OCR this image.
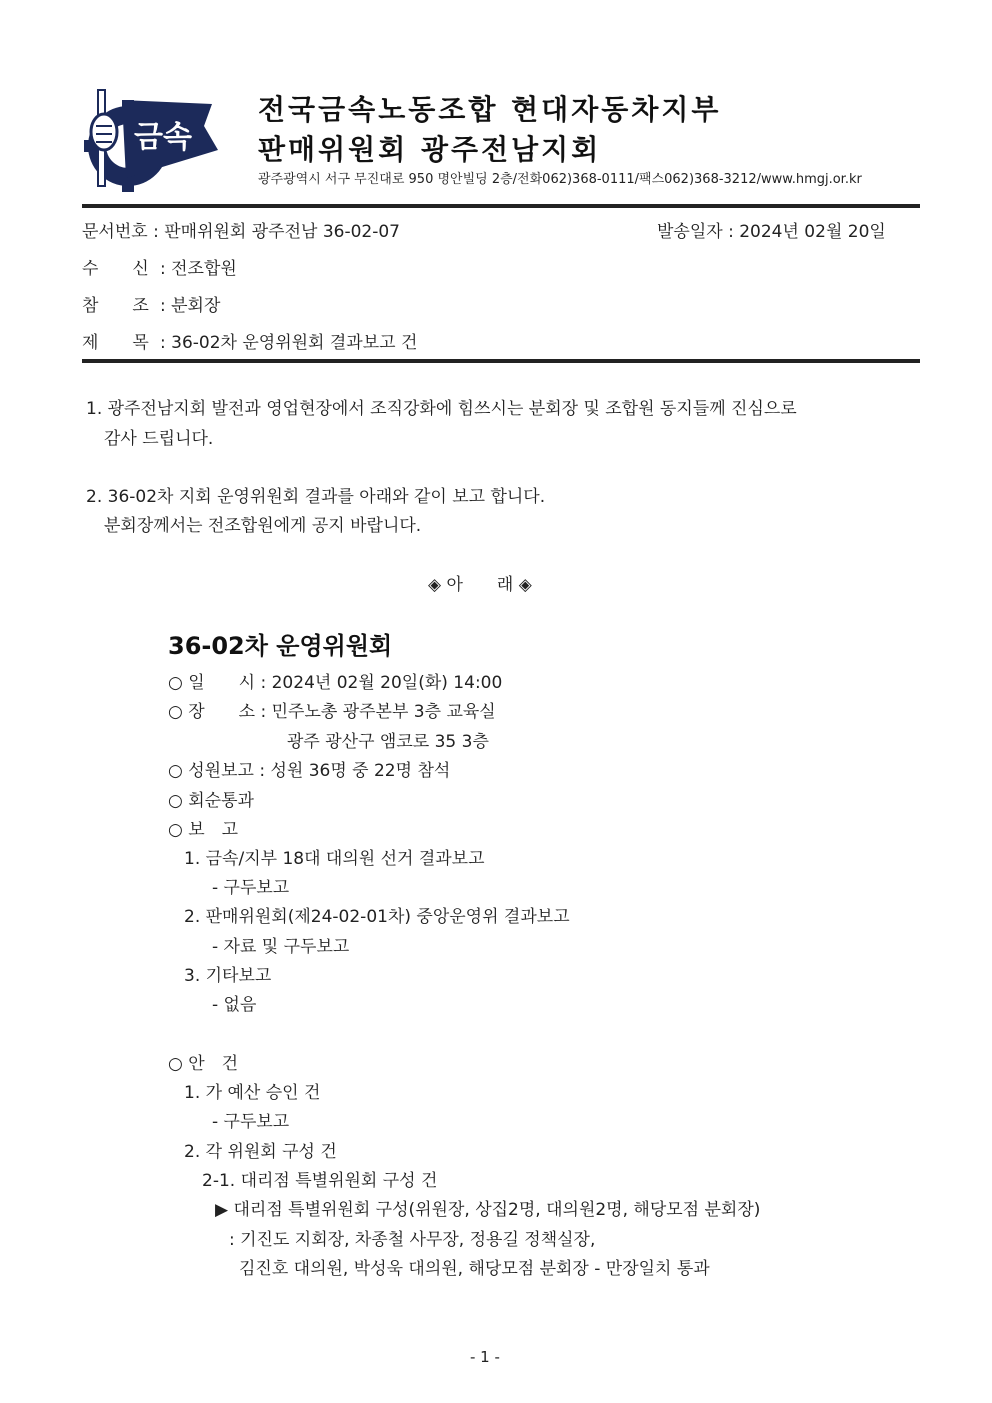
금속
전국금속노동조합 현대자동차지부
판매위원회 광주전남지회
광주광역시 서구 무진대로 950 명안빌딩 2층/전화062)368-0111/팩스062)368-3212/www.hmgj.or.kr
문서번호 : 판매위원회 광주전남 36-02-07	발송일자 : 2024년 02월 20일
수　　신 : 전조합원
참　　조 : 분회장
제　　목 : 36-02차 운영위원회 결과보고 건
1. 광주전남지회 발전과 영업현장에서 조직강화에 힘쓰시는 분회장 및 조합원 동지들께 진심으로
감사 드립니다.
2. 36-02차 지회 운영위원회 결과를 아래와 같이 보고 합니다.
분회장께서는 전조합원에게 공지 바랍니다.
◈ 아　　래 ◈
36-02차 운영위원회
○ 일　　시 : 2024년 02월 20일(화) 14:00
○ 장　　소 : 민주노총 광주본부 3층 교육실
광주 광산구 앰코로 35 3층
○ 성원보고 : 성원 36명 중 22명 참석
○ 회순통과
○ 보　고
1. 금속/지부 18대 대의원 선거 결과보고
- 구두보고
2. 판매위원회(제24-02-01차) 중앙운영위 결과보고
- 자료 및 구두보고
3. 기타보고
- 없음
○ 안　건
1. 가 예산 승인 건
- 구두보고
2. 각 위원회 구성 건
2-1. 대리점 특별위원회 구성 건
▶ 대리점 특별위원회 구성(위원장, 상집2명, 대의원2명, 해당모점 분회장)
: 기진도 지회장, 차종철 사무장, 정용길 정책실장,
김진호 대의원, 박성욱 대의원, 해당모점 분회장 - 만장일치 통과
- 1 -
